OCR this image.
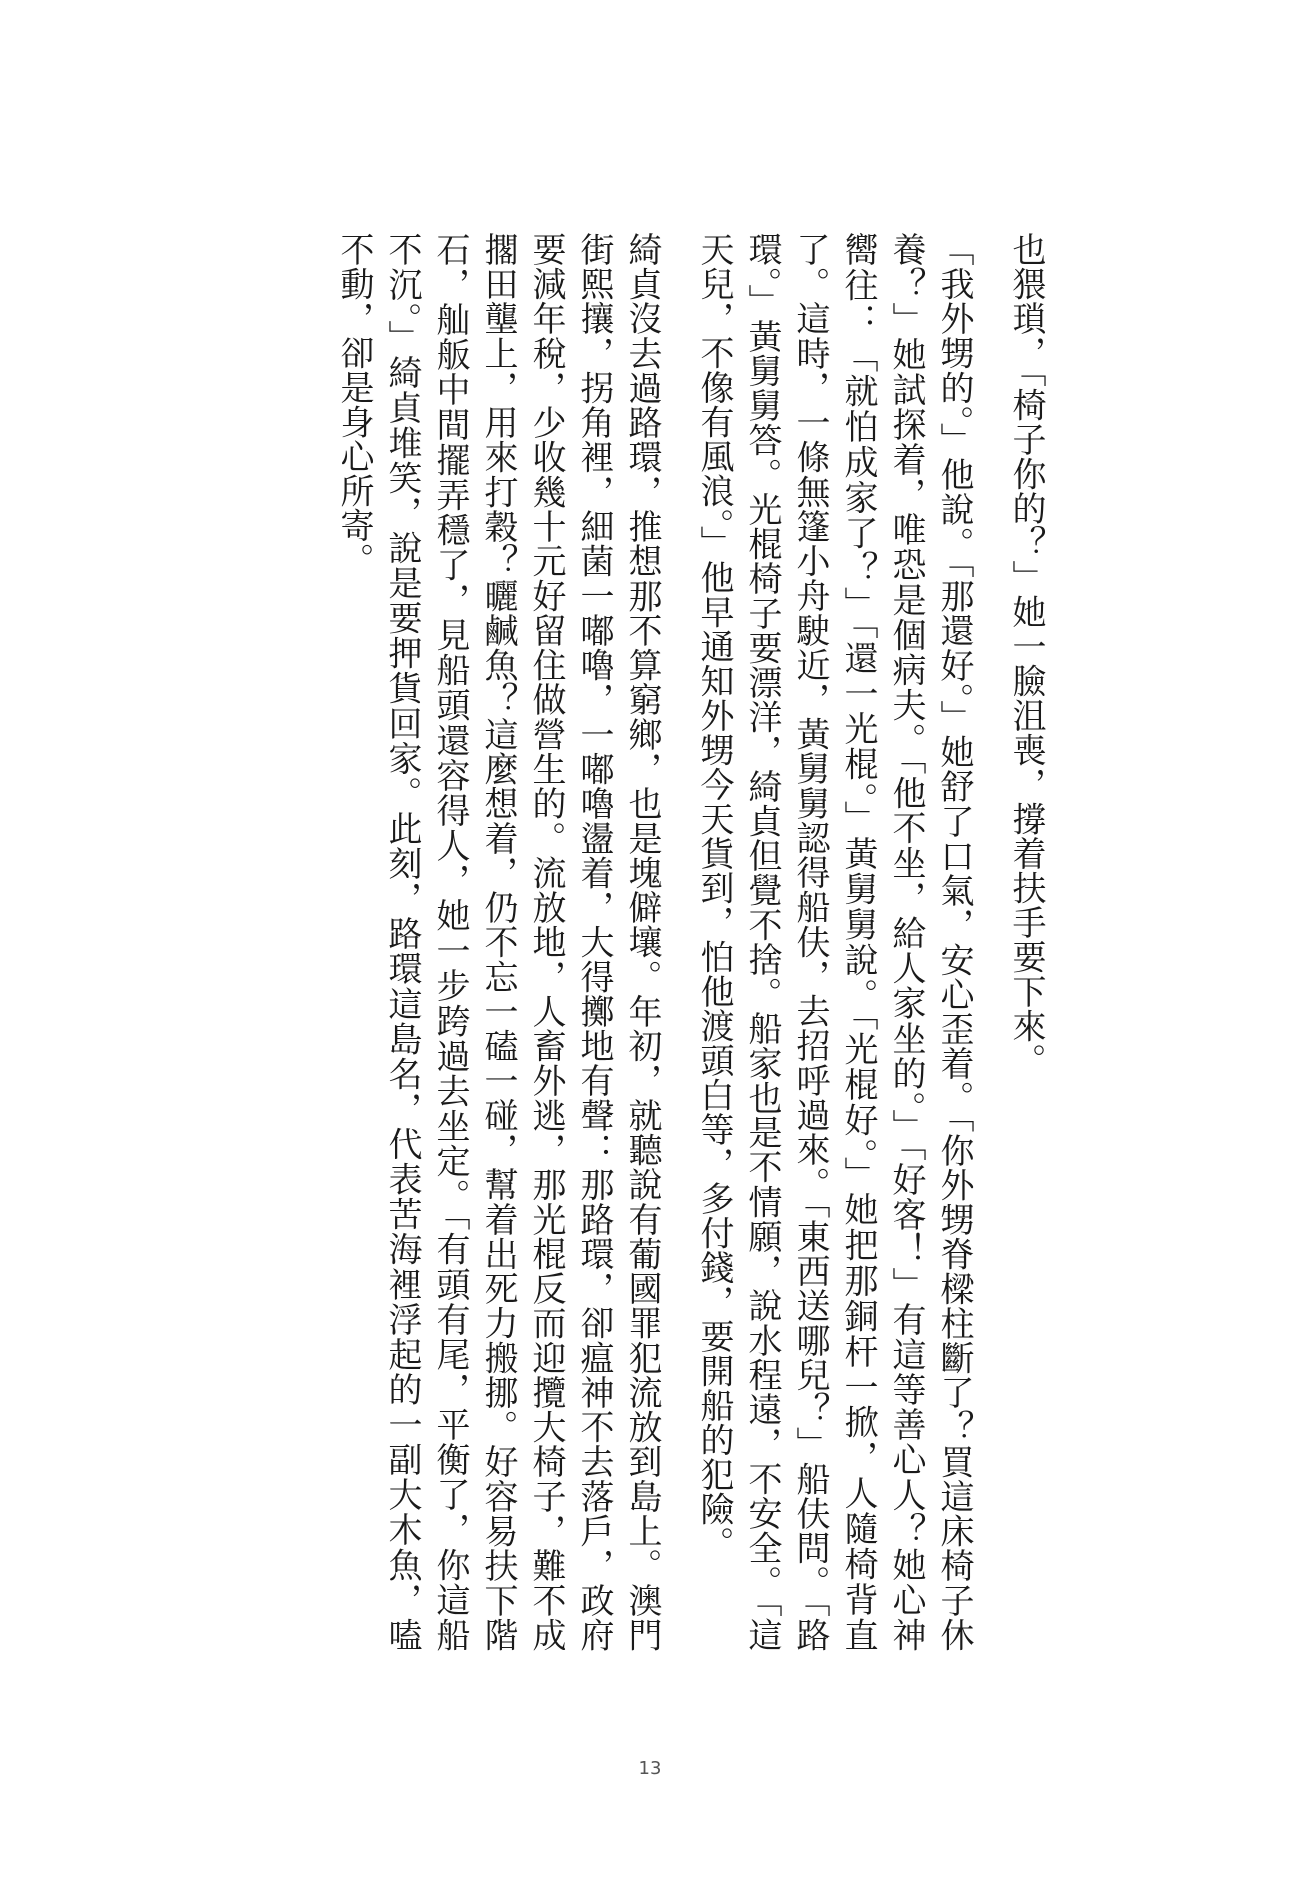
也猥瑣，「椅子你的？」她一臉沮喪，撐着扶手要下來。

「我外甥的。」他說。「那還好。」她舒了口氣，安心歪着。「你外甥脊樑柱斷了？買這床椅子休養？」她試探着，唯恐是個病夫。「他不坐，給人家坐的。」「好客！」有這等善心人？她心神嚮往：「就怕成家了？」「還一光棍。」黃舅舅說。「光棍好。」她把那銅杆一掀，人隨椅背直了。這時，一條無篷小舟駛近，黃舅舅認得船伕，去招呼過來。「東西送哪兒？」船伕問。「路環。」黃舅舅答。光棍椅子要漂洋，綺貞但覺不捨。船家也是不情願，說水程遠，不安全。「這天兒，不像有風浪。」他早通知外甥今天貨到，怕他渡頭白等，多付錢，要開船的犯險。

綺貞沒去過路環，推想那不算窮鄉，也是塊僻壤。年初，就聽說有葡國罪犯流放到島上。澳門街熙攘，拐角裡，細菌一嘟嚕，一嘟嚕盪着，大得擲地有聲：那路環，卻瘟神不去落戶，政府要減年稅，少收幾十元好留住做營生的。流放地，人畜外逃，那光棍反而迎攬大椅子，難不成擱田壟上，用來打穀？曬鹹魚？這麼想着，仍不忘一磕一碰，幫着出死力搬挪。好容易扶下階石，舢舨中間擺弄穩了，見船頭還容得人，她一步跨過去坐定。「有頭有尾，平衡了，你這船不沉。」綺貞堆笑，說是要押貨回家。此刻，路環這島名，代表苦海裡浮起的一副大木魚，嗑不動，卻是身心所寄。

13
